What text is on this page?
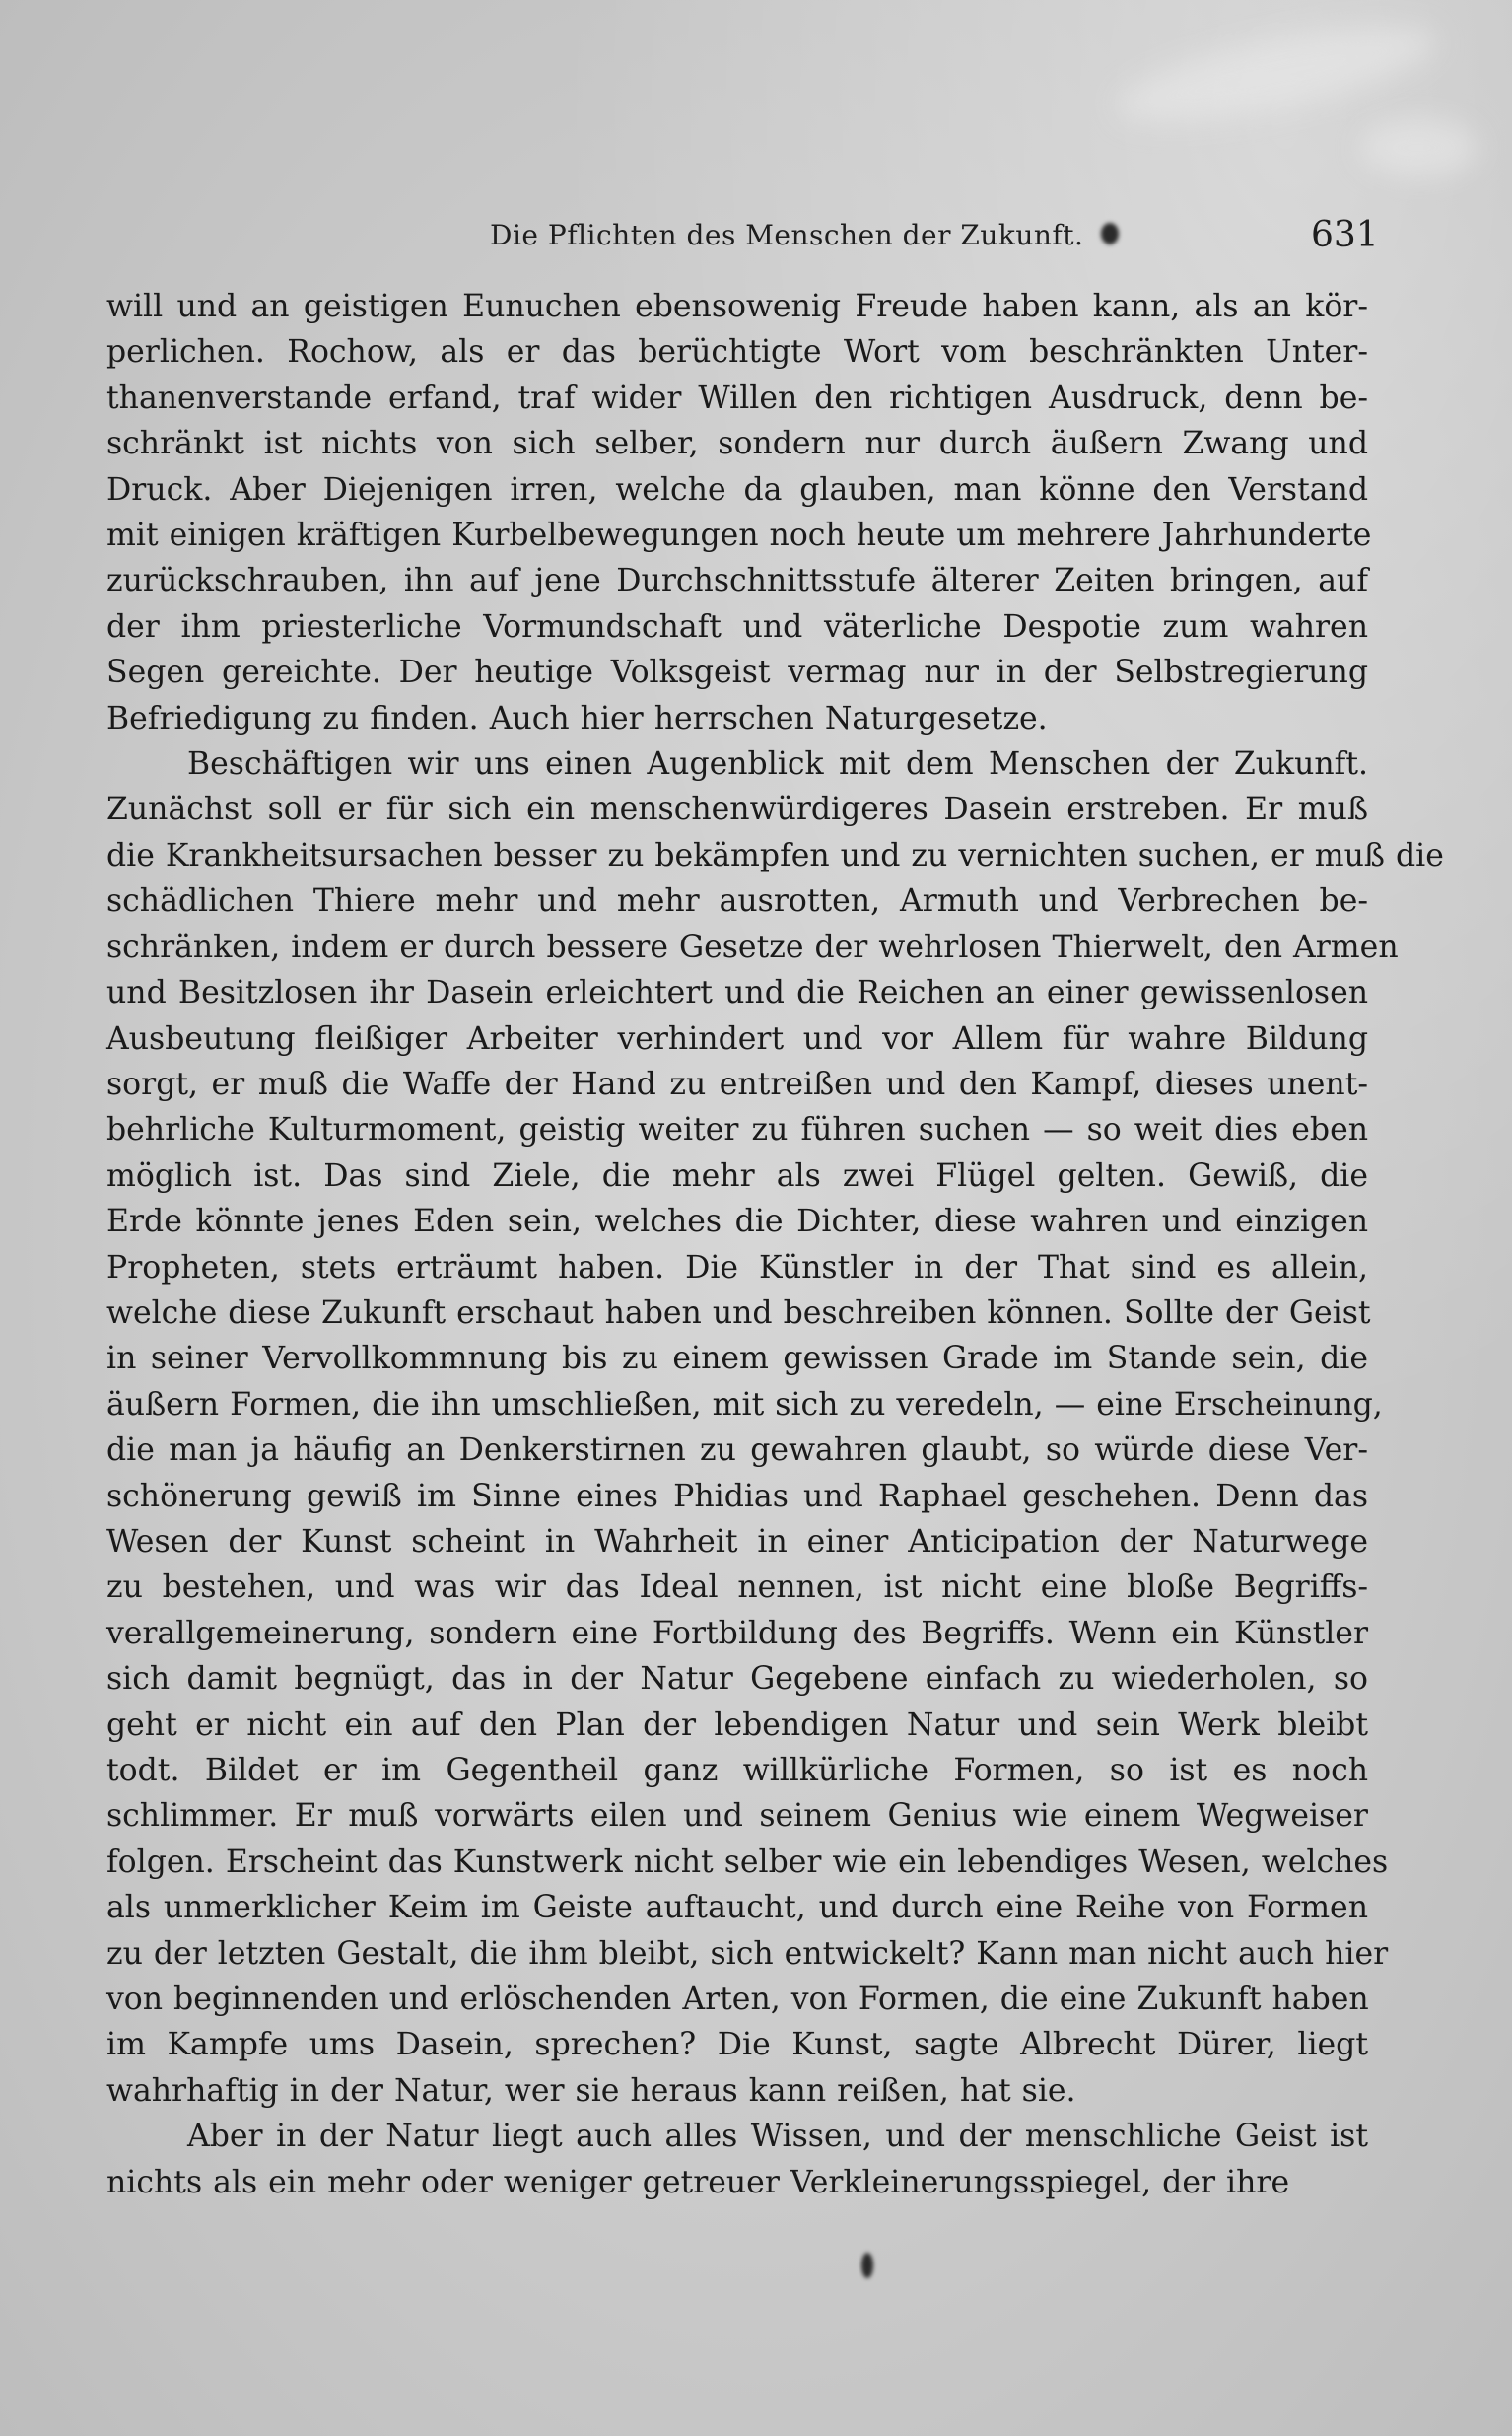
Die Pflichten des Menschen der Zukunft.	631

will und an geistigen Eunuchen ebensowenig Freude haben kann, als an kör-
perlichen. Rochow, als er das berüchtigte Wort vom beschränkten Unter-
thanenverstande erfand, traf wider Willen den richtigen Ausdruck, denn be-
schränkt ist nichts von sich selber, sondern nur durch äußern Zwang und
Druck. Aber Diejenigen irren, welche da glauben, man könne den Verstand
mit einigen kräftigen Kurbelbewegungen noch heute um mehrere Jahrhunderte
zurückschrauben, ihn auf jene Durchschnittsstufe älterer Zeiten bringen, auf
der ihm priesterliche Vormundschaft und väterliche Despotie zum wahren
Segen gereichte. Der heutige Volksgeist vermag nur in der Selbstregierung
Befriedigung zu finden. Auch hier herrschen Naturgesetze.

Beschäftigen wir uns einen Augenblick mit dem Menschen der Zukunft.
Zunächst soll er für sich ein menschenwürdigeres Dasein erstreben. Er muß
die Krankheitsursachen besser zu bekämpfen und zu vernichten suchen, er muß die
schädlichen Thiere mehr und mehr ausrotten, Armuth und Verbrechen be-
schränken, indem er durch bessere Gesetze der wehrlosen Thierwelt, den Armen
und Besitzlosen ihr Dasein erleichtert und die Reichen an einer gewissenlosen
Ausbeutung fleißiger Arbeiter verhindert und vor Allem für wahre Bildung
sorgt, er muß die Waffe der Hand zu entreißen und den Kampf, dieses unent-
behrliche Kulturmoment, geistig weiter zu führen suchen — so weit dies eben
möglich ist. Das sind Ziele, die mehr als zwei Flügel gelten. Gewiß, die
Erde könnte jenes Eden sein, welches die Dichter, diese wahren und einzigen
Propheten, stets erträumt haben. Die Künstler in der That sind es allein,
welche diese Zukunft erschaut haben und beschreiben können. Sollte der Geist
in seiner Vervollkommnung bis zu einem gewissen Grade im Stande sein, die
äußern Formen, die ihn umschließen, mit sich zu veredeln, — eine Erscheinung,
die man ja häufig an Denkerstirnen zu gewahren glaubt, so würde diese Ver-
schönerung gewiß im Sinne eines Phidias und Raphael geschehen. Denn das
Wesen der Kunst scheint in Wahrheit in einer Anticipation der Naturwege
zu bestehen, und was wir das Ideal nennen, ist nicht eine bloße Begriffs-
verallgemeinerung, sondern eine Fortbildung des Begriffs. Wenn ein Künstler
sich damit begnügt, das in der Natur Gegebene einfach zu wiederholen, so
geht er nicht ein auf den Plan der lebendigen Natur und sein Werk bleibt
todt. Bildet er im Gegentheil ganz willkürliche Formen, so ist es noch
schlimmer. Er muß vorwärts eilen und seinem Genius wie einem Wegweiser
folgen. Erscheint das Kunstwerk nicht selber wie ein lebendiges Wesen, welches
als unmerklicher Keim im Geiste auftaucht, und durch eine Reihe von Formen
zu der letzten Gestalt, die ihm bleibt, sich entwickelt? Kann man nicht auch hier
von beginnenden und erlöschenden Arten, von Formen, die eine Zukunft haben
im Kampfe ums Dasein, sprechen? Die Kunst, sagte Albrecht Dürer, liegt
wahrhaftig in der Natur, wer sie heraus kann reißen, hat sie.

Aber in der Natur liegt auch alles Wissen, und der menschliche Geist ist
nichts als ein mehr oder weniger getreuer Verkleinerungsspiegel, der ihre
